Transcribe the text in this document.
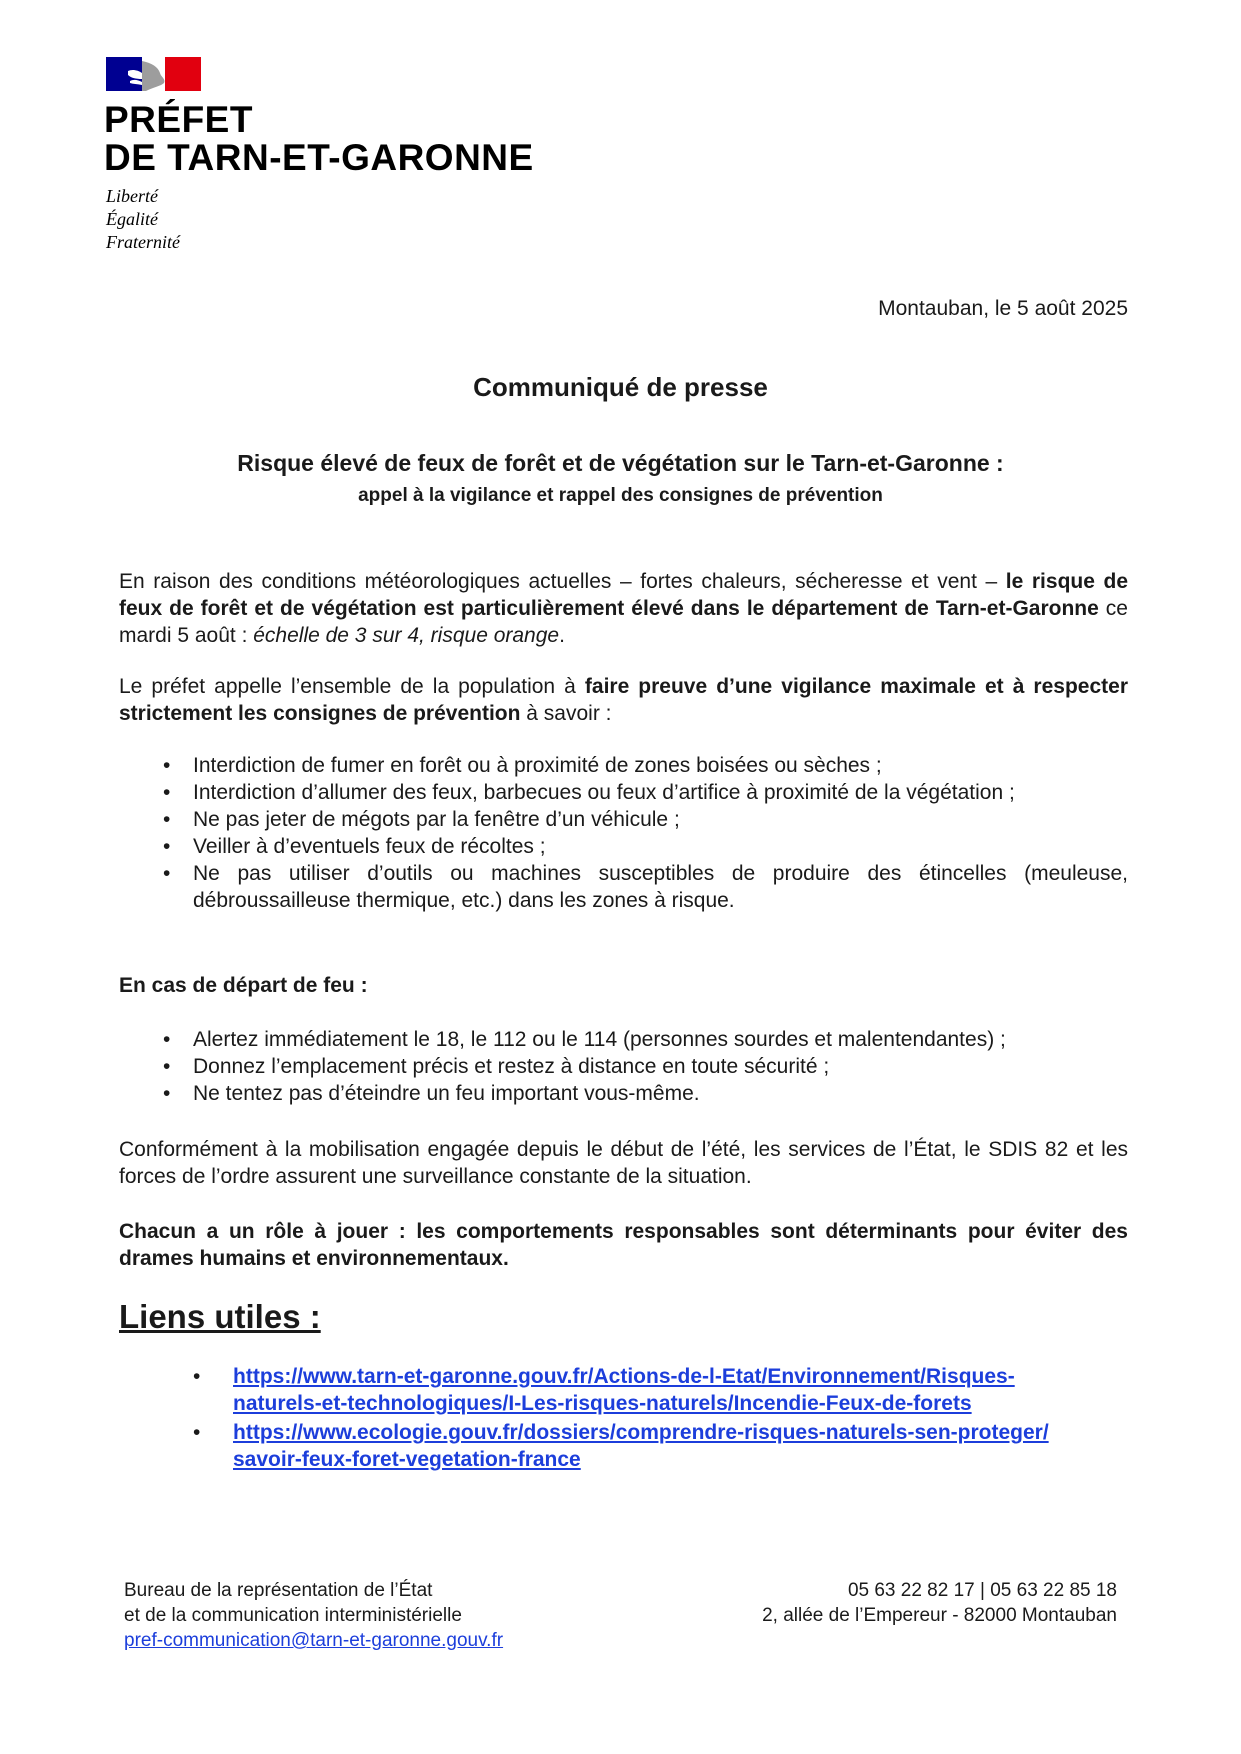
PRÉFET
DE TARN-ET-GARONNE
Liberté
Égalité
Fraternité
Montauban, le 5 août 2025
Communiqué de presse
Risque élevé de feux de forêt et de végétation sur le Tarn-et-Garonne :
appel à la vigilance et rappel des consignes de prévention
En raison des conditions météorologiques actuelles – fortes chaleurs, sécheresse et vent – le risque de feux de forêt et de végétation est particulièrement élevé dans le département de Tarn-et-Garonne ce mardi 5 août : échelle de 3 sur 4, risque orange.
Le préfet appelle l’ensemble de la population à faire preuve d’une vigilance maximale et à respecter strictement les consignes de prévention à savoir :
• Interdiction de fumer en forêt ou à proximité de zones boisées ou sèches ;
• Interdiction d’allumer des feux, barbecues ou feux d’artifice à proximité de la végétation ;
• Ne pas jeter de mégots par la fenêtre d’un véhicule ;
• Veiller à d’eventuels feux de récoltes ;
• Ne pas utiliser d’outils ou machines susceptibles de produire des étincelles (meuleuse, débroussailleuse thermique, etc.) dans les zones à risque.
En cas de départ de feu :
• Alertez immédiatement le 18, le 112 ou le 114 (personnes sourdes et malentendantes) ;
• Donnez l’emplacement précis et restez à distance en toute sécurité ;
• Ne tentez pas d’éteindre un feu important vous-même.
Conformément à la mobilisation engagée depuis le début de l’été, les services de l’État, le SDIS 82 et les forces de l’ordre assurent une surveillance constante de la situation.
Chacun a un rôle à jouer : les comportements responsables sont déterminants pour éviter des drames humains et environnementaux.
Liens utiles :
• https://www.tarn-et-garonne.gouv.fr/Actions-de-l-Etat/Environnement/Risques-
naturels-et-technologiques/I-Les-risques-naturels/Incendie-Feux-de-forets
• https://www.ecologie.gouv.fr/dossiers/comprendre-risques-naturels-sen-proteger/
savoir-feux-foret-vegetation-france
Bureau de la représentation de l’État
et de la communication interministérielle
pref-communication@tarn-et-garonne.gouv.fr
05 63 22 82 17 | 05 63 22 85 18
2, allée de l’Empereur - 82000 Montauban
